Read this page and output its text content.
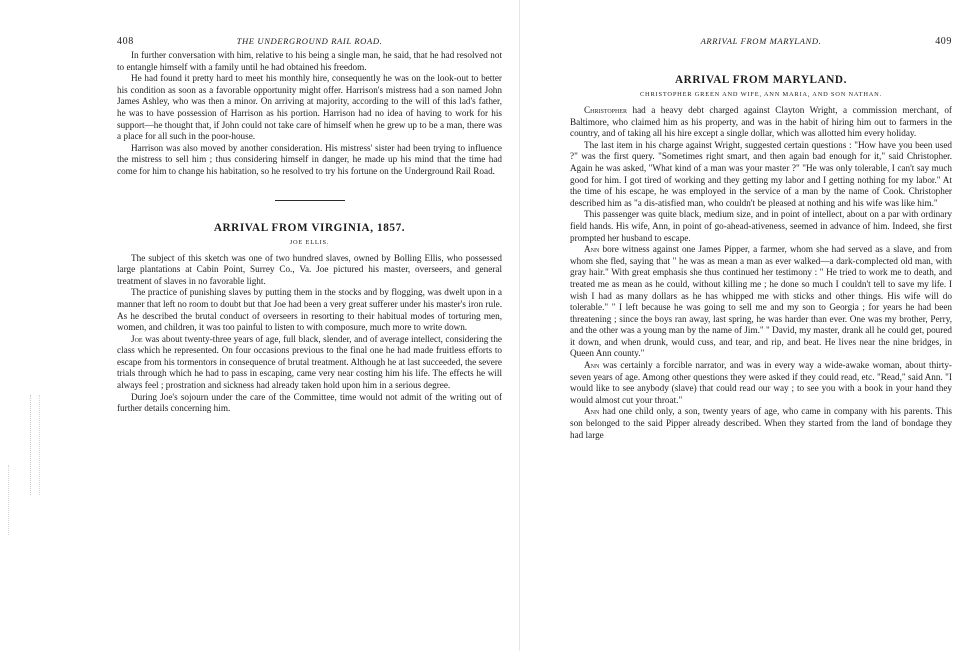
408	THE UNDERGROUND RAIL ROAD.

In further conversation with him, relative to his being a single man, he said, that he had resolved not to entangle himself with a family until he had obtained his freedom.

He had found it pretty hard to meet his monthly hire, consequently he was on the look-out to better his condition as soon as a favorable opportunity might offer. Harrison's mistress had a son named John James Ashley, who was then a minor. On arriving at majority, according to the will of this lad's father, he was to have possession of Harrison as his portion. Harrison had no idea of having to work for his support—he thought that, if John could not take care of himself when he grew up to be a man, there was a place for all such in the poor-house.

Harrison was also moved by another consideration. His mistress' sister had been trying to influence the mistress to sell him ; thus considering himself in danger, he made up his mind that the time had come for him to change his habitation, so he resolved to try his fortune on the Underground Rail Road.

ARRIVAL FROM VIRGINIA, 1857.
JOE ELLIS.

The subject of this sketch was one of two hundred slaves, owned by Bolling Ellis, who possessed large plantations at Cabin Point, Surrey Co., Va. Joe pictured his master, overseers, and general treatment of slaves in no favorable light.

The practice of punishing slaves by putting them in the stocks and by flogging, was dwelt upon in a manner that left no room to doubt but that Joe had been a very great sufferer under his master's iron rule. As he described the brutal conduct of overseers in resorting to their habitual modes of torturing men, women, and children, it was too painful to listen to with composure, much more to write down.

Joe was about twenty-three years of age, full black, slender, and of average intellect, considering the class which he represented. On four occasions previous to the final one he had made fruitless efforts to escape from his tormentors in consequence of brutal treatment. Although he at last succeeded, the severe trials through which he had to pass in escaping, came very near costing him his life. The effects he will always feel ; prostration and sickness had already taken hold upon him in a serious degree.

During Joe's sojourn under the care of the Committee, time would not admit of the writing out of further details concerning him.

ARRIVAL FROM MARYLAND.	409
ARRIVAL FROM MARYLAND.
CHRISTOPHER GREEN AND WIFE, ANN MARIA, AND SON NATHAN.

Christopher had a heavy debt charged against Clayton Wright, a commission merchant, of Baltimore, who claimed him as his property, and was in the habit of hiring him out to farmers in the country, and of taking all his hire except a single dollar, which was allotted him every holiday.

The last item in his charge against Wright, suggested certain questions : "How have you been used ?" was the first query. "Sometimes right smart, and then again bad enough for it," said Christopher. Again he was asked, "What kind of a man was your master ?" "He was only tolerable, I can't say much good for him. I got tired of working and they getting my labor and I getting nothing for my labor." At the time of his escape, he was employed in the service of a man by the name of Cook. Christopher described him as "a dis-atisfied man, who couldn't be pleased at nothing and his wife was like him."

This passenger was quite black, medium size, and in point of intellect, about on a par with ordinary field hands. His wife, Ann, in point of go-ahead-ativeness, seemed in advance of him. Indeed, she first prompted her husband to escape.

Ann bore witness against one James Pipper, a farmer, whom she had served as a slave, and from whom she fled, saying that " he was as mean a man as ever walked—a dark-complected old man, with gray hair." With great emphasis she thus continued her testimony : " He tried to work me to death, and treated me as mean as he could, without killing me ; he done so much I couldn't tell to save my life. I wish I had as many dollars as he has whipped me with sticks and other things. His wife will do tolerable." " I left because he was going to sell me and my son to Georgia ; for years he had been threatening ; since the boys ran away, last spring, he was harder than ever. One was my brother, Perry, and the other was a young man by the name of Jim." " David, my master, drank all he could get, poured it down, and when drunk, would cuss, and tear, and rip, and beat. He lives near the nine bridges, in Queen Ann county."

Ann was certainly a forcible narrator, and was in every way a wide-awake woman, about thirty-seven years of age. Among other questions they were asked if they could read, etc. "Read," said Ann. "I would like to see anybody (slave) that could read our way ; to see you with a book in your hand they would almost cut your throat."

Ann had one child only, a son, twenty years of age, who came in company with his parents. This son belonged to the said Pipper already described. When they started from the land of bondage they had large
